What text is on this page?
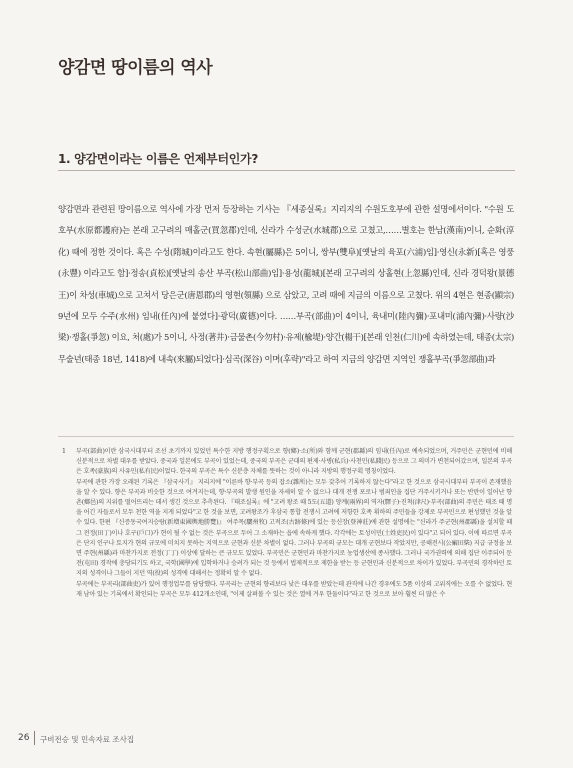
양감면 땅이름의 역사
1. 양감면이라는 이름은 언제부터인가?

양감면과 관련된 땅이름으로 역사에 가장 먼저 등장하는 기사는 『세종실록』지리지의 수원도호부에 관한 설명에서이다. "수원 도호부(水原都護府)는 본래 고구려의 매홀군(買忽郡)인데, 신라가 수성군(水城郡)으로 고쳤고,……별호는 한남(漢南)이니, 순화(淳化) 때에 정한 것이다. 혹은 수성(隋城)이라고도 한다. 속현(屬縣)은 5이니, 쌍부(雙阜)[옛날의 육포(六浦)임]·영신(永新)[혹은 영풍(永豐) 이라고도 함]·정송(貞松)[옛날의 송산 부곡(松山部曲)임]·용성(龍城)[본래 고구려의 상홀현(上忽縣)인데, 신라 경덕왕(景德王)이 차성(車城)으로 고쳐서 당은군(唐恩郡)의 영현(領縣) 으로 삼았고, 고려 때에 지금의 이름으로 고쳤다. 위의 4현은 현종(顯宗) 9년에 모두 수주(水州) 임내(任內)에 붙였다]·광덕(廣德)이다. ……부곡(部曲)이 4이니, 육내미(陸內彌)·포내미(浦內彌)·사량(沙梁)·쟁홀(爭忽) 이요, 처(處)가 5이니, 사정(著井)·금물촌(今勿村)·유제(楡堤)·양간(楊干)[본래 인천(仁川)에 속하였는데, 태종(太宗) 무술년(태종 18년, 1418)에 내속(來屬)되었다]·심곡(深谷) 이며(후략)"라고 하여 지금의 양감면 지역인 쟁홀부곡(爭忽部曲)과

1 부곡(部曲)이란 삼국시대부터 조선 초기까지 있었던 특수한 지방 행정구획으로 향(鄕)·소(所)와 함께 군현(郡縣)의 임내(任內)로 예속되었으며, 거주민은 군현민에 비해 신분적으로 차별 대우를 받았다. 중국과 일본에도 부곡이 있었는데, 중국의 부곡은 군대의 편제·사병(私兵)·사천민(私賤民) 등으로 그 의미가 변천되어갔으며, 일본의 부곡은 호족(豪族)의 사유민(私有民)이었다. 한국의 부곡은 특수 신분층 자체를 뜻하는 것이 아니라 지방의 행정구획 명칭이었다.

부곡에 관한 가장 오래된 기록은 『삼국사기』 지리지에 "이른바 향·부곡 등의 잡소(雜所)는 모두 갖추어 기록하지 않는다"라고 한 것으로 삼국시대부터 부곡이 존재했음을 알 수 있다. 향은 부곡과 비슷한 것으로 여겨지는데, 향·부곡의 발생 원인을 자세히 알 수 없으나 대개 전쟁 포로나 범죄인을 집단 거주시키거나 또는 반란이 일어난 향촌(鄕邑)의 지위를 떨어뜨리는 데서 생긴 것으로 추측된다. 『태조실록』에 "고려 왕조 때 5도(五道) 양계(兩界)의 역자(驛子)·진척(津尺)·부곡(部曲)의 주민은 태조 때 명을 어긴 자들로서 모두 천한 역을 지게 되었다"고 한 것을 보면, 고려왕조가 후삼국 통합 전쟁시 고려에 저항한 호족 휘하의 주민들을 강제로 부곡민으로 편성했던 것을 알 수 있다. 한편 『신증동국여지승람(新增東國輿地勝覽)』 여주목(驪州牧) 고적조(古跡條)에 있는 등신장(登神莊)에 관한 설명에는 "신라가 주군현(州郡縣)을 설치할 때 그 전정(田丁)이나 호구(戶口)가 현이 될 수 없는 것은 부곡으로 두어 그 소재하는 읍에 속하게 했다. 각각에는 토성이민(土姓吏民)이 있다"고 되어 있다. 이에 따르면 부곡은 단지 인구나 토지가 현의 규모에 미치지 못하는 지역으로 군현과 신분 차별이 없다. 그러나 부곡의 규모는 대개 군현보다 작았지만, 공해전시(公廨田柴) 지급 규정을 보면 주현(州縣)과 마찬가지로 전정(丁丁) 이상에 달하는 큰 규모도 있었다. 부곡민은 군현민과 마찬가지로 농업생산에 종사했다. 그러나 국가권력에 의해 집단 이주되어 둔전(屯田) 경작에 충당되기도 하고, 국학(國學)에 입학하거나 승려가 되는 것 등에서 법제적으로 제한을 받는 등 군현민과 신분적으로 차이가 있었다. 부곡민의 경작하던 토지의 성격이나 그들이 지던 역(役)의 성격에 대해서는 정확히 알 수 없다.

부곡에는 부곡리(部曲吏)가 있어 행정업무를 담당했다. 부곡리는 군현의 향리보다 낮은 대우를 받았는데 관직에 나간 경우에도 5품 이상의 고위직에는 오를 수 없었다. 현재 남아 있는 기록에서 확인되는 부곡은 모두 412개소인데, "이제 살펴볼 수 있는 것은 열에 겨우 한둘이다"라고 한 것으로 보아 훨씬 더 많은 수

26 구비전승 및 민속자료 조사집
